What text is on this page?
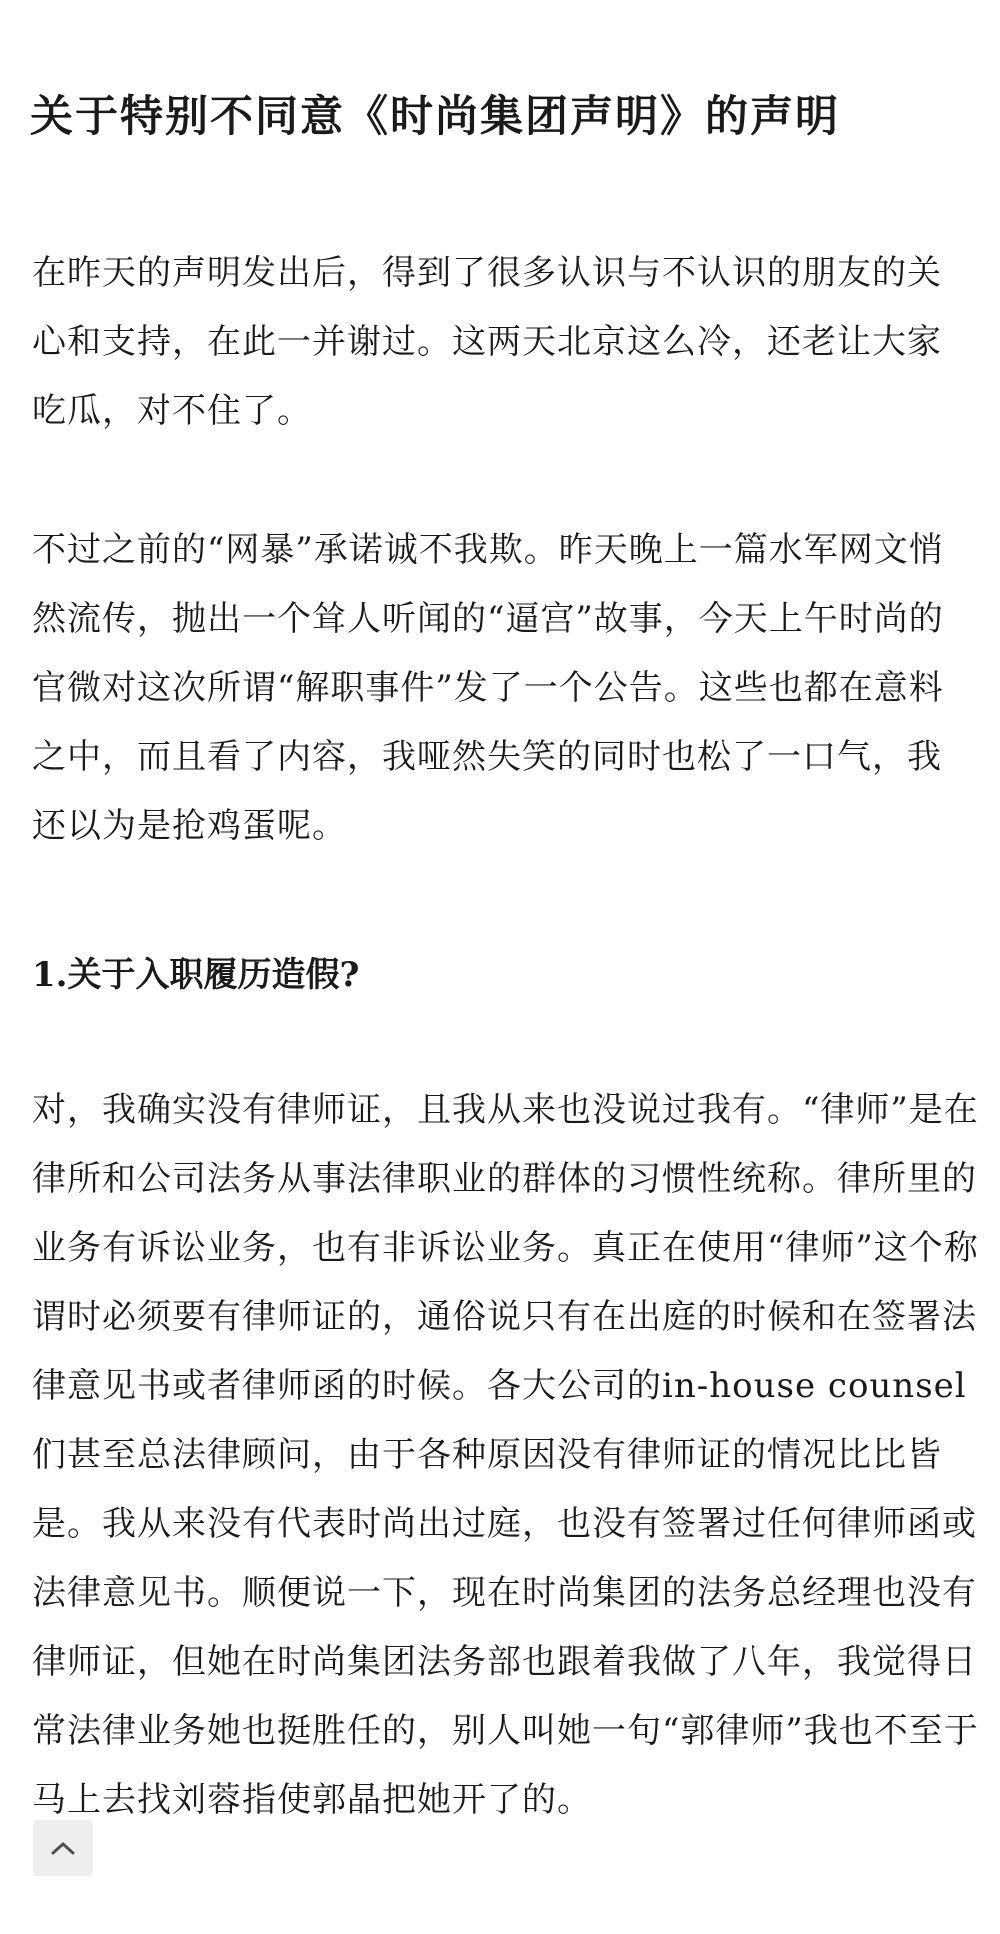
关于特别不同意《时尚集团声明》的声明

在昨天的声明发出后，得到了很多认识与不认识的朋友的关心和支持，在此一并谢过。这两天北京这么冷，还老让大家吃瓜，对不住了。

不过之前的“网暴”承诺诚不我欺。昨天晚上一篇水军网文悄然流传，抛出一个耸人听闻的“逼宫”故事，今天上午时尚的官微对这次所谓“解职事件”发了一个公告。这些也都在意料之中，而且看了内容，我哑然失笑的同时也松了一口气，我还以为是抢鸡蛋呢。

1.关于入职履历造假?

对，我确实没有律师证，且我从来也没说过我有。“律师”是在律所和公司法务从事法律职业的群体的习惯性统称。律所里的业务有诉讼业务，也有非诉讼业务。真正在使用“律师”这个称谓时必须要有律师证的，通俗说只有在出庭的时候和在签署法律意见书或者律师函的时候。各大公司的in-house counsel们甚至总法律顾问，由于各种原因没有律师证的情况比比皆是。我从来没有代表时尚出过庭，也没有签署过任何律师函或法律意见书。顺便说一下，现在时尚集团的法务总经理也没有律师证，但她在时尚集团法务部也跟着我做了八年，我觉得日常法律业务她也挺胜任的，别人叫她一句“郭律师”我也不至于马上去找刘蓉指使郭晶把她开了的。
